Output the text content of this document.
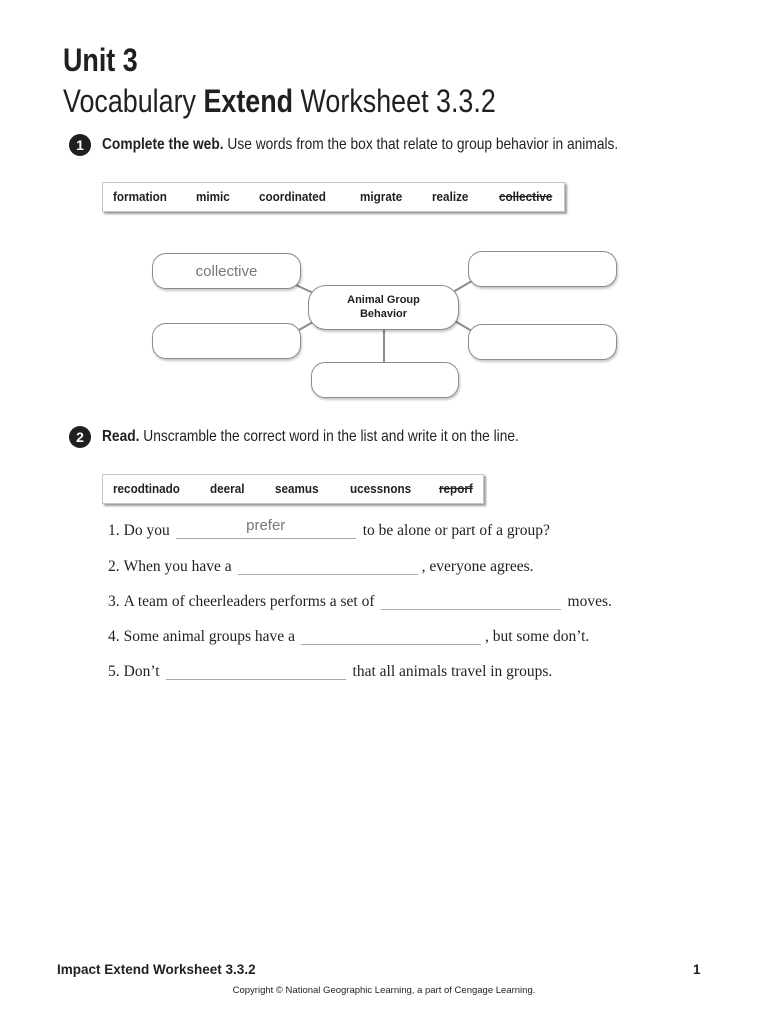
Unit 3
Vocabulary Extend Worksheet 3.3.2
1	Complete the web. Use words from the box that relate to group behavior in animals.
formation mimic coordinated	migrate realize collective
collective
Animal Group
Behavior
2	Read. Unscramble the correct word in the list and write it on the line.
recodtinado deeral seamus ucessnons reporf
1. Do you	prefer	to be alone or part of a group?
2. When you have a	, everyone agrees.
3. A team of cheerleaders performs a set of	moves.
4. Some animal groups have a	, but some don’t.
5. Don’t	that all animals travel in groups.
Impact Extend Worksheet 3.3.2	1
Copyright © National Geographic Learning, a part of Cengage Learning.
